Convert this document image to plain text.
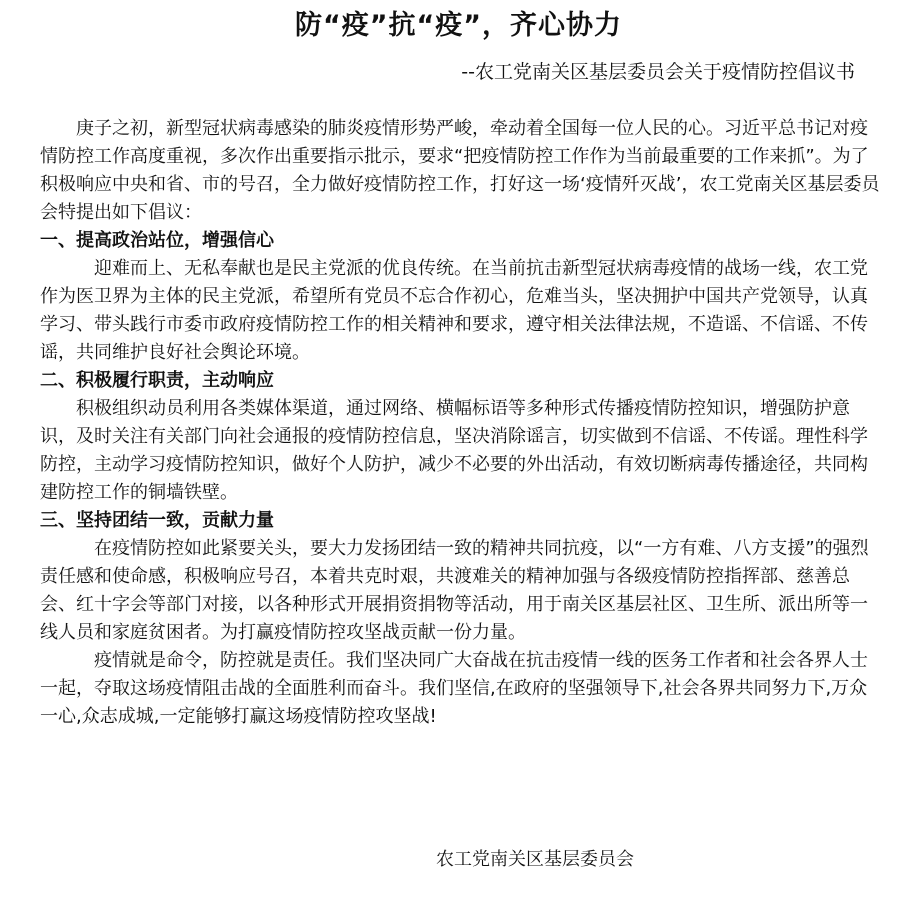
防“疫”抗“疫”，齐心协力
--农工党南关区基层委员会关于疫情防控倡议书

庚子之初，新型冠状病毒感染的肺炎疫情形势严峻，牵动着全国每一位人民的心。习近平总书记对疫情防控工作高度重视，多次作出重要指示批示，要求“把疫情防控工作作为当前最重要的工作来抓”。为了积极响应中央和省、市的号召，全力做好疫情防控工作，打好这一场‘疫情歼灭战’，农工党南关区基层委员会特提出如下倡议：

一、提高政治站位，增强信心

迎难而上、无私奉献也是民主党派的优良传统。在当前抗击新型冠状病毒疫情的战场一线，农工党作为医卫界为主体的民主党派，希望所有党员不忘合作初心，危难当头，坚决拥护中国共产党领导，认真学习、带头践行市委市政府疫情防控工作的相关精神和要求，遵守相关法律法规，不造谣、不信谣、不传谣，共同维护良好社会舆论环境。

二、积极履行职责，主动响应

积极组织动员利用各类媒体渠道，通过网络、横幅标语等多种形式传播疫情防控知识，增强防护意识，及时关注有关部门向社会通报的疫情防控信息，坚决消除谣言，切实做到不信谣、不传谣。理性科学防控，主动学习疫情防控知识，做好个人防护，减少不必要的外出活动，有效切断病毒传播途径，共同构建防控工作的铜墙铁壁。

三、坚持团结一致，贡献力量

在疫情防控如此紧要关头，要大力发扬团结一致的精神共同抗疫，以“一方有难、八方支援”的强烈责任感和使命感，积极响应号召，本着共克时艰，共渡难关的精神加强与各级疫情防控指挥部、慈善总会、红十字会等部门对接，以各种形式开展捐资捐物等活动，用于南关区基层社区、卫生所、派出所等一线人员和家庭贫困者。为打赢疫情防控攻坚战贡献一份力量。

疫情就是命令，防控就是责任。我们坚决同广大奋战在抗击疫情一线的医务工作者和社会各界人士一起，夺取这场疫情阻击战的全面胜利而奋斗。我们坚信,在政府的坚强领导下,社会各界共同努力下,万众一心,众志成城,一定能够打赢这场疫情防控攻坚战!

农工党南关区基层委员会
